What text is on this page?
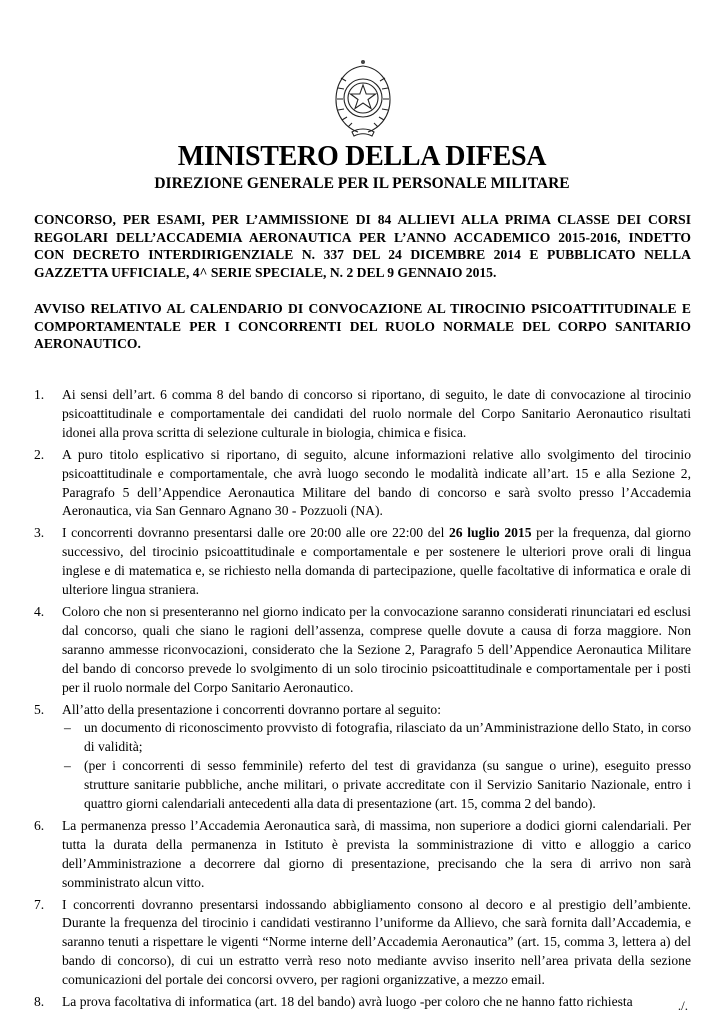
MINISTERO DELLA DIFESA
DIREZIONE GENERALE PER IL PERSONALE MILITARE

CONCORSO, PER ESAMI, PER L’AMMISSIONE DI 84 ALLIEVI ALLA PRIMA CLASSE DEI CORSI REGOLARI DELL’ACCADEMIA AERONAUTICA PER L’ANNO ACCADEMICO 2015-2016, INDETTO CON DECRETO INTERDIRIGENZIALE N. 337 DEL 24 DICEMBRE 2014 E PUBBLICATO NELLA GAZZETTA UFFICIALE, 4^ SERIE SPECIALE, N. 2 DEL 9 GENNAIO 2015.

AVVISO RELATIVO AL CALENDARIO DI CONVOCAZIONE AL TIROCINIO PSICOATTITUDINALE E COMPORTAMENTALE PER I CONCORRENTI DEL RUOLO NORMALE DEL CORPO SANITARIO AERONAUTICO.

1. Ai sensi dell’art. 6 comma 8 del bando di concorso si riportano, di seguito, le date di convocazione al tirocinio psicoattitudinale e comportamentale dei candidati del ruolo normale del Corpo Sanitario Aeronautico risultati idonei alla prova scritta di selezione culturale in biologia, chimica e fisica.
2. A puro titolo esplicativo si riportano, di seguito, alcune informazioni relative allo svolgimento del tirocinio psicoattitudinale e comportamentale, che avrà luogo secondo le modalità indicate all’art. 15 e alla Sezione 2, Paragrafo 5 dell’Appendice Aeronautica Militare del bando di concorso e sarà svolto presso l’Accademia Aeronautica, via San Gennaro Agnano 30 - Pozzuoli (NA).
3. I concorrenti dovranno presentarsi dalle ore 20:00 alle ore 22:00 del 26 luglio 2015 per la frequenza, dal giorno successivo, del tirocinio psicoattitudinale e comportamentale e per sostenere le ulteriori prove orali di lingua inglese e di matematica e, se richiesto nella domanda di partecipazione, quelle facoltative di informatica e orale di ulteriore lingua straniera.
4. Coloro che non si presenteranno nel giorno indicato per la convocazione saranno considerati rinunciatari ed esclusi dal concorso, quali che siano le ragioni dell’assenza, comprese quelle dovute a causa di forza maggiore. Non saranno ammesse riconvocazioni, considerato che la Sezione 2, Paragrafo 5 dell’Appendice Aeronautica Militare del bando di concorso prevede lo svolgimento di un solo tirocinio psicoattitudinale e comportamentale per i posti per il ruolo normale del Corpo Sanitario Aeronautico.
5. All’atto della presentazione i concorrenti dovranno portare al seguito:
– un documento di riconoscimento provvisto di fotografia, rilasciato da un’Amministrazione dello Stato, in corso di validità;
– (per i concorrenti di sesso femminile) referto del test di gravidanza (su sangue o urine), eseguito presso strutture sanitarie pubbliche, anche militari, o private accreditate con il Servizio Sanitario Nazionale, entro i quattro giorni calendariali antecedenti alla data di presentazione (art. 15, comma 2 del bando).
6. La permanenza presso l’Accademia Aeronautica sarà, di massima, non superiore a dodici giorni calendariali. Per tutta la durata della permanenza in Istituto è prevista la somministrazione di vitto e alloggio a carico dell’Amministrazione a decorrere dal giorno di presentazione, precisando che la sera di arrivo non sarà somministrato alcun vitto.
7. I concorrenti dovranno presentarsi indossando abbigliamento consono al decoro e al prestigio dell’ambiente. Durante la frequenza del tirocinio i candidati vestiranno l’uniforme da Allievo, che sarà fornita dall’Accademia, e saranno tenuti a rispettare le vigenti “Norme interne dell’Accademia Aeronautica” (art. 15, comma 3, lettera a) del bando di concorso), di cui un estratto verrà reso noto mediante avviso inserito nell’area privata della sezione comunicazioni del portale dei concorsi ovvero, per ragioni organizzative, a mezzo email.
8. La prova facoltativa di informatica (art. 18 del bando) avrà luogo -per coloro che ne hanno fatto richiesta	./.
